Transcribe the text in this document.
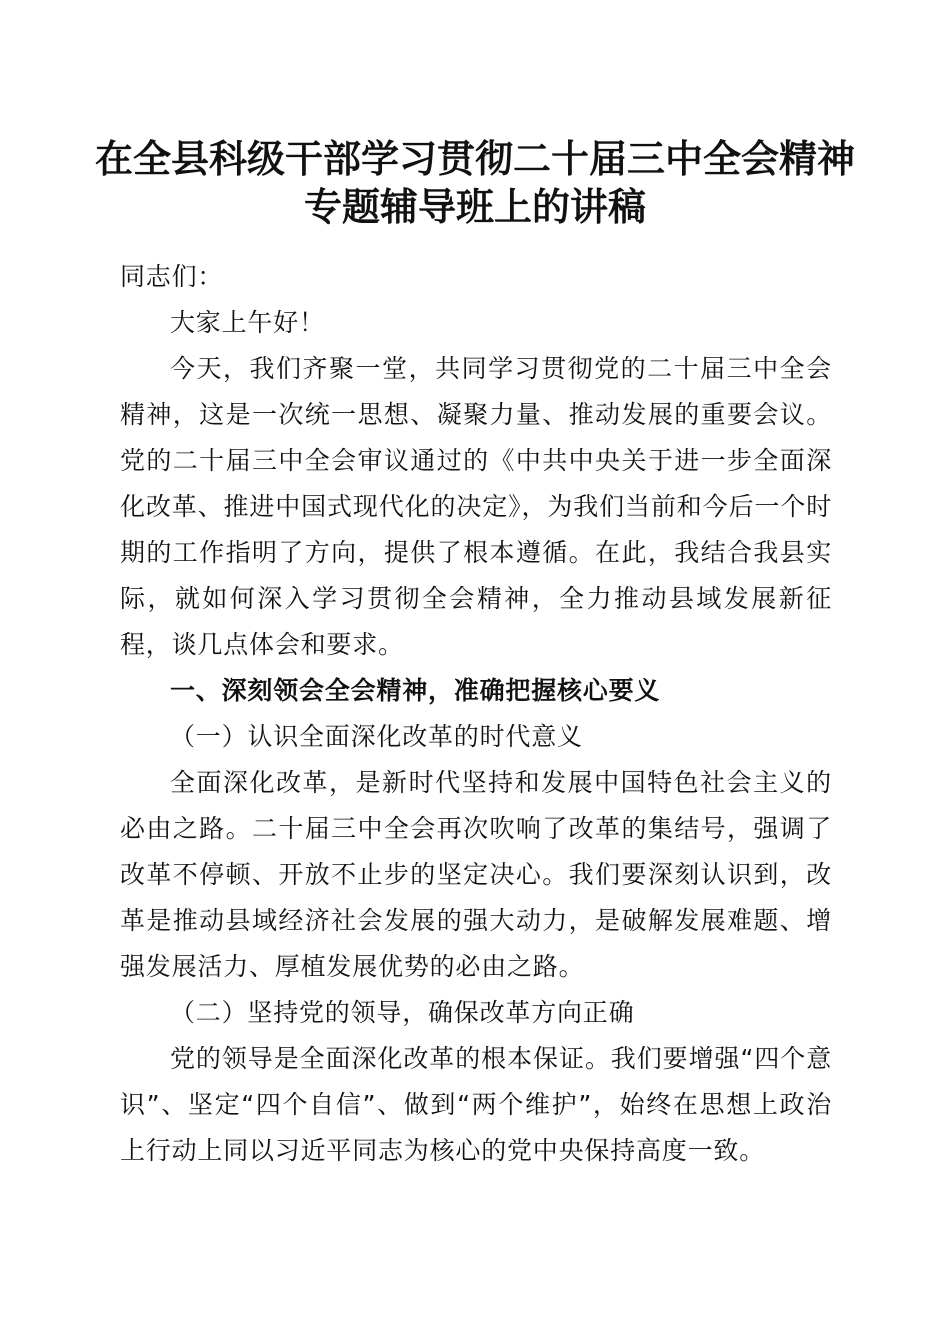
在全县科级干部学习贯彻二十届三中全会精神
专题辅导班上的讲稿

同志们：

大家上午好！

今天，我们齐聚一堂，共同学习贯彻党的二十届三中全会精神，这是一次统一思想、凝聚力量、推动发展的重要会议。党的二十届三中全会审议通过的《中共中央关于进一步全面深化改革、推进中国式现代化的决定》，为我们当前和今后一个时期的工作指明了方向，提供了根本遵循。在此，我结合我县实际，就如何深入学习贯彻全会精神，全力推动县域发展新征程，谈几点体会和要求。

一、深刻领会全会精神，准确把握核心要义

（一）认识全面深化改革的时代意义

全面深化改革，是新时代坚持和发展中国特色社会主义的必由之路。二十届三中全会再次吹响了改革的集结号，强调了改革不停顿、开放不止步的坚定决心。我们要深刻认识到，改革是推动县域经济社会发展的强大动力，是破解发展难题、增强发展活力、厚植发展优势的必由之路。

（二）坚持党的领导，确保改革方向正确

党的领导是全面深化改革的根本保证。我们要增强“四个意识”、坚定“四个自信”、做到“两个维护”，始终在思想上政治上行动上同以习近平同志为核心的党中央保持高度一致。
